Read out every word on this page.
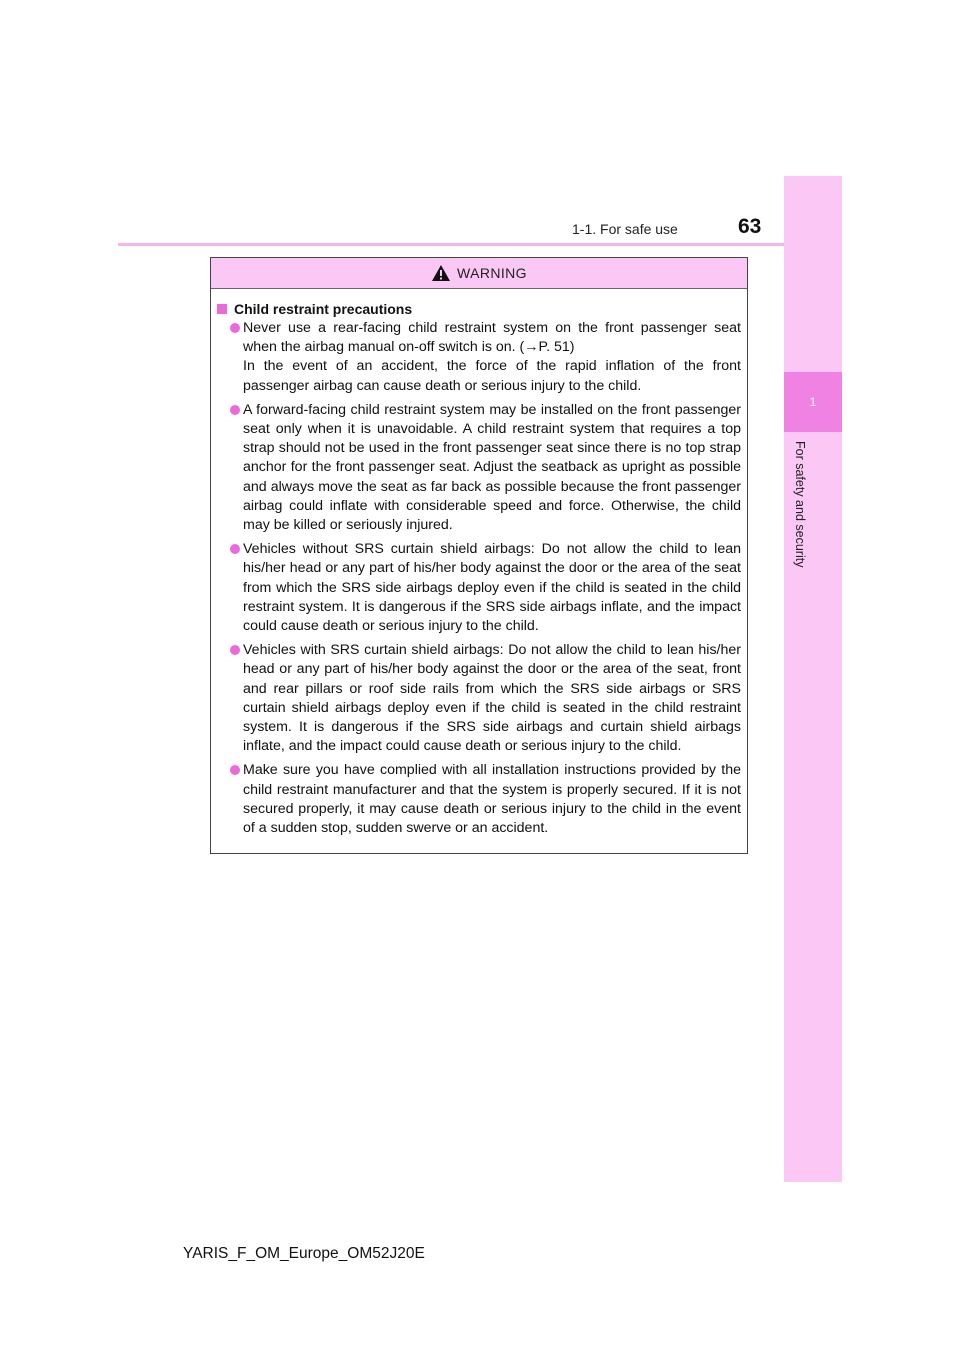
1-1. For safe use	63
1
For safety and security
WARNING
Child restraint precautions

Never use a rear-facing child restraint system on the front passenger seat when the airbag manual on-off switch is on. (→P. 51)

In the event of an accident, the force of the rapid inflation of the front passenger airbag can cause death or serious injury to the child.

A forward-facing child restraint system may be installed on the front passenger seat only when it is unavoidable. A child restraint system that requires a top strap should not be used in the front passenger seat since there is no top strap anchor for the front passenger seat. Adjust the seatback as upright as possible and always move the seat as far back as possible because the front passenger airbag could inflate with considerable speed and force. Otherwise, the child may be killed or seriously injured.

Vehicles without SRS curtain shield airbags: Do not allow the child to lean his/her head or any part of his/her body against the door or the area of the seat from which the SRS side airbags deploy even if the child is seated in the child restraint system. It is dangerous if the SRS side airbags inflate, and the impact could cause death or serious injury to the child.

Vehicles with SRS curtain shield airbags: Do not allow the child to lean his/her head or any part of his/her body against the door or the area of the seat, front and rear pillars or roof side rails from which the SRS side airbags or SRS curtain shield airbags deploy even if the child is seated in the child restraint system. It is dangerous if the SRS side airbags and curtain shield airbags inflate, and the impact could cause death or serious injury to the child.

Make sure you have complied with all installation instructions provided by the child restraint manufacturer and that the system is properly secured. If it is not secured properly, it may cause death or serious injury to the child in the event of a sudden stop, sudden swerve or an accident.

YARIS_F_OM_Europe_OM52J20E
